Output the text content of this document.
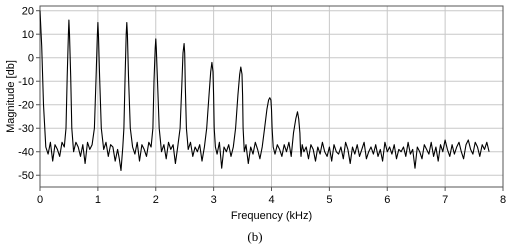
0	1	2	3	4	5	6	7	8
20
10
0
-10
-20
-30
-40
-50
Frequency (kHz)
Magnitude [db]
(b)
